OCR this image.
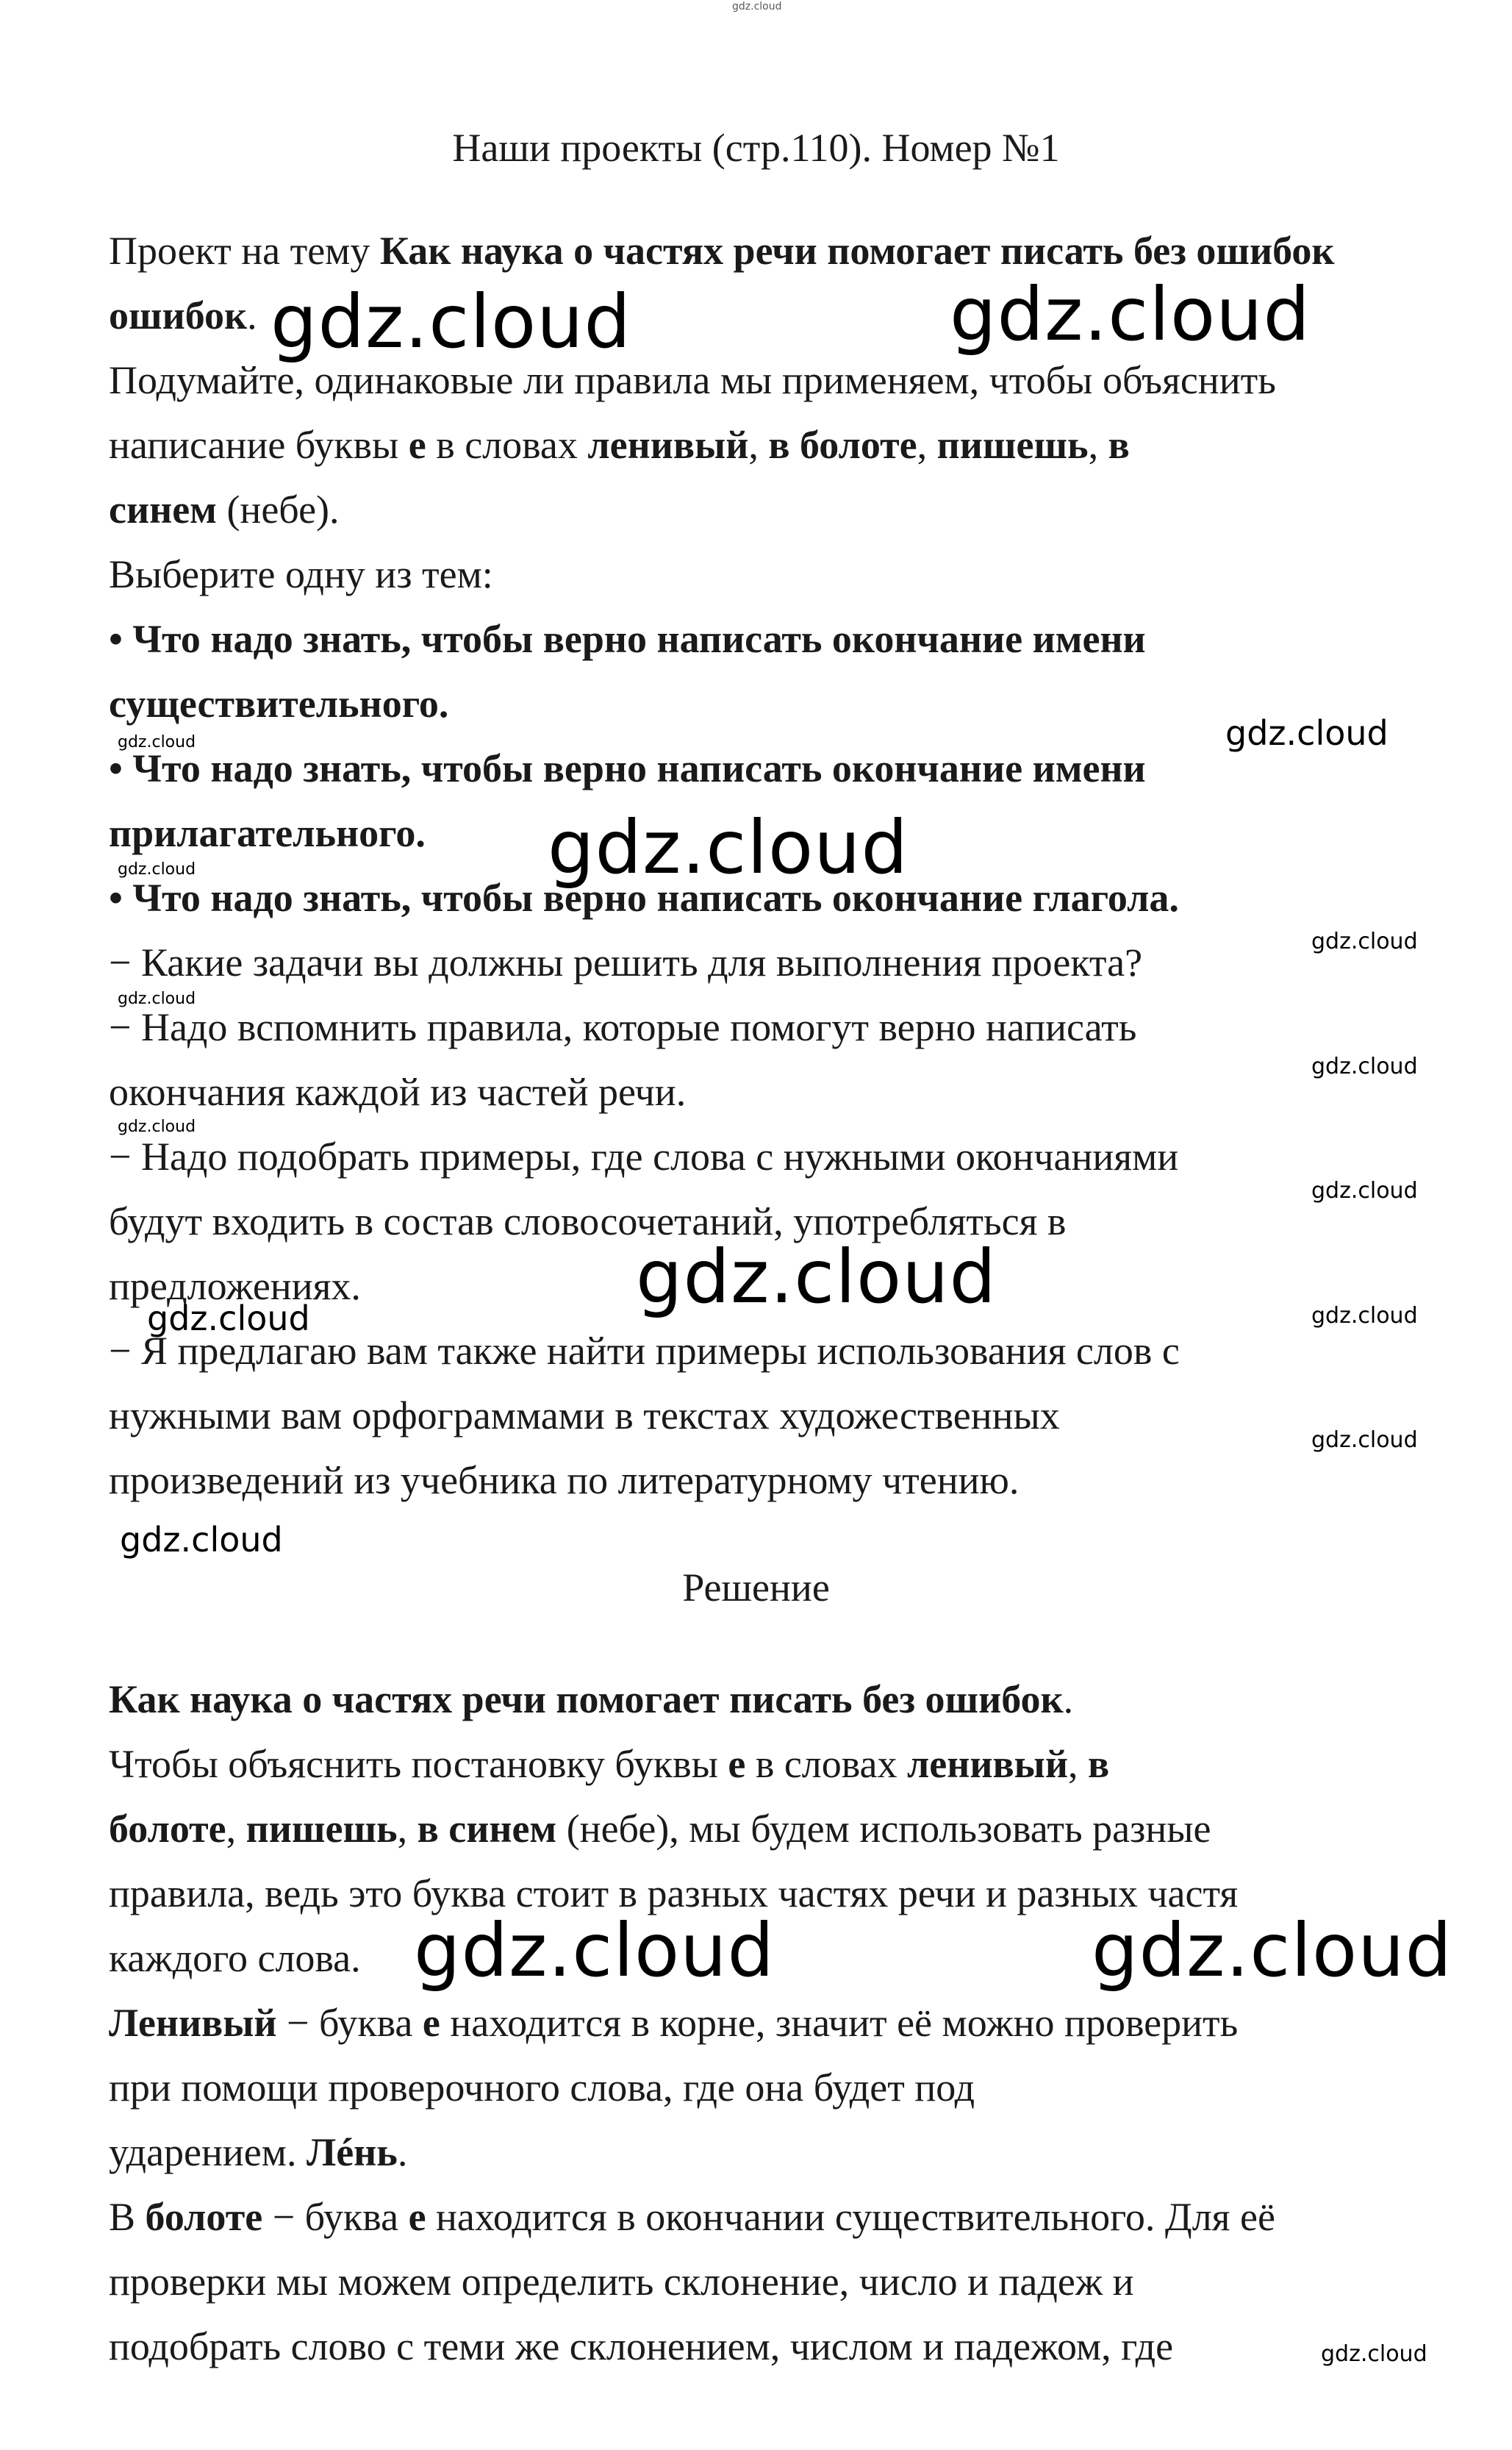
gdz.cloud

Наши проекты (стр.110). Номер №1

Проект на тему Как наука о частях речи помогает писать без ошибок

ошибок.

Подумайте, одинаковые ли правила мы применяем, чтобы объяснить

написание буквы е в словах ленивый, в болоте, пишешь, в

синем (небе).

Выберите одну из тем:

• Что надо знать, чтобы верно написать окончание имени

существительного.

• Что надо знать, чтобы верно написать окончание имени

прилагательного.

• Что надо знать, чтобы верно написать окончание глагола.

− Какие задачи вы должны решить для выполнения проекта?

− Надо вспомнить правила, которые помогут верно написать

окончания каждой из частей речи.

− Надо подобрать примеры, где слова с нужными окончаниями

будут входить в состав словосочетаний, употребляться в

предложениях.

− Я предлагаю вам также найти примеры использования слов с

нужными вам орфограммами в текстах художественных

произведений из учебника по литературному чтению.

Решение

Как наука о частях речи помогает писать без ошибок.

Чтобы объяснить постановку буквы е в словах ленивый, в

болоте, пишешь, в синем (небе), мы будем использовать разные

правила, ведь это буква стоит в разных частях речи и разных частя

каждого слова.

Ленивый − буква е находится в корне, значит её можно проверить

при помощи проверочного слова, где она будет под

ударением. Лéнь.

В болоте − буква е находится в окончании существительного. Для её

проверки мы можем определить склонение, число и падеж и

подобрать слово с теми же склонением, числом и падежом, где

gdz.cloud	gdz.cloud
gdz.cloud
gdz.cloud
gdz.cloud	gdz.cloud
gdz.cloud
gdz.cloud
gdz.cloud
gdz.cloud
gdz.cloud
gdz.cloud
gdz.cloud
gdz.cloud
gdz.cloud
gdz.cloud
gdz.cloud
gdz.cloud
gdz.cloud
